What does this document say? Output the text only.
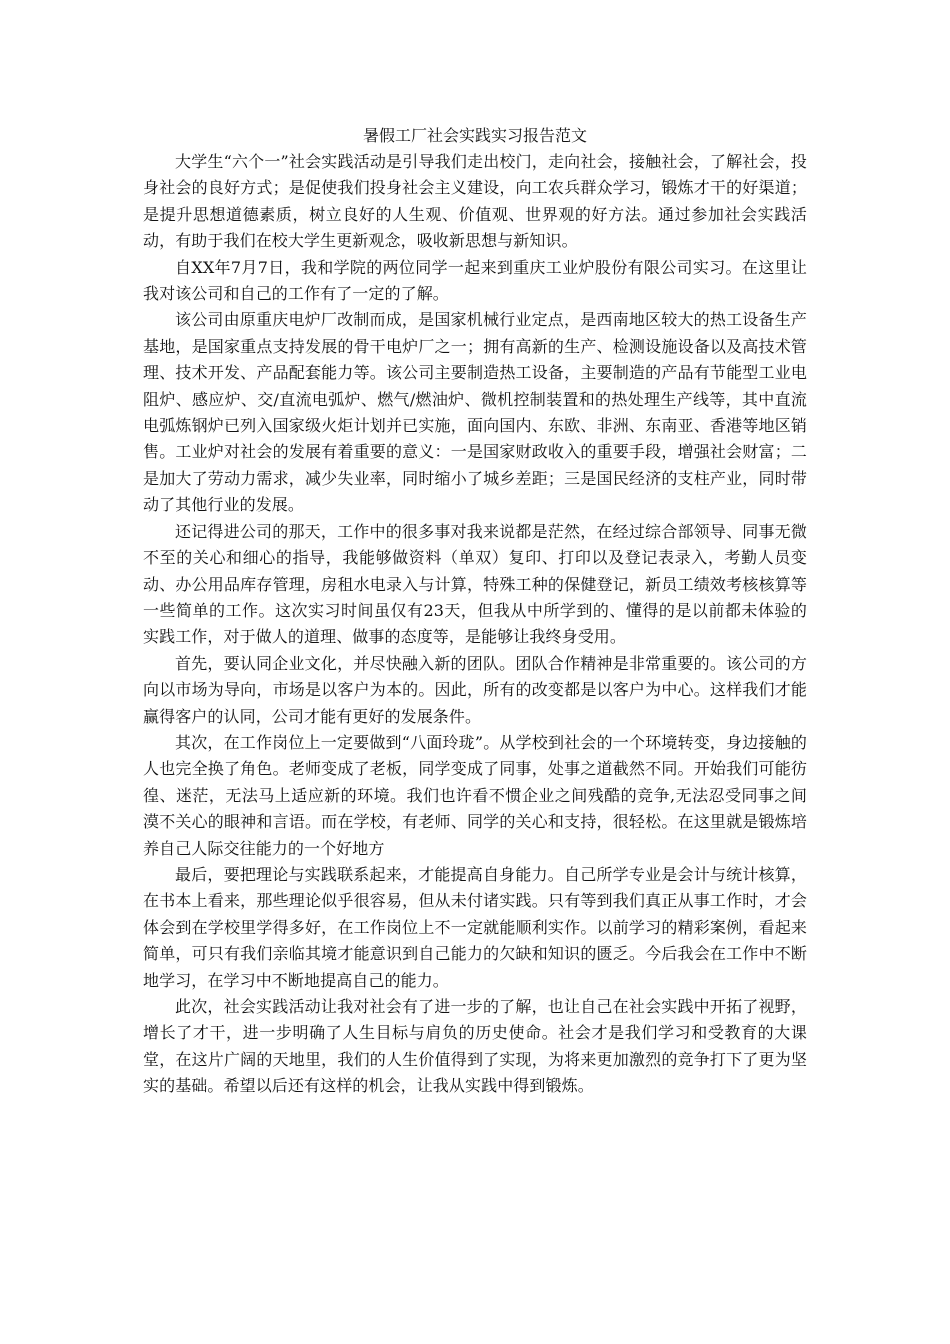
暑假工厂社会实践实习报告范文

大学生“六个一”社会实践活动是引导我们走出校门，走向社会，接触社会，了解社会，投身社会的良好方式；是促使我们投身社会主义建设，向工农兵群众学习，锻炼才干的好渠道；是提升思想道德素质，树立良好的人生观、价值观、世界观的好方法。通过参加社会实践活动，有助于我们在校大学生更新观念，吸收新思想与新知识。

自XX年7月7日，我和学院的两位同学一起来到重庆工业炉股份有限公司实习。在这里让我对该公司和自己的工作有了一定的了解。

该公司由原重庆电炉厂改制而成，是国家机械行业定点，是西南地区较大的热工设备生产基地，是国家重点支持发展的骨干电炉厂之一；拥有高新的生产、检测设施设备以及高技术管理、技术开发、产品配套能力等。该公司主要制造热工设备，主要制造的产品有节能型工业电阻炉、感应炉、交/直流电弧炉、燃气/燃油炉、微机控制装置和的热处理生产线等，其中直流电弧炼钢炉已列入国家级火炬计划并已实施，面向国内、东欧、非洲、东南亚、香港等地区销售。工业炉对社会的发展有着重要的意义：一是国家财政收入的重要手段，增强社会财富；二是加大了劳动力需求，减少失业率，同时缩小了城乡差距；三是国民经济的支柱产业，同时带动了其他行业的发展。

还记得进公司的那天，工作中的很多事对我来说都是茫然，在经过综合部领导、同事无微不至的关心和细心的指导，我能够做资料（单双）复印、打印以及登记表录入，考勤人员变动、办公用品库存管理，房租水电录入与计算，特殊工种的保健登记，新员工绩效考核核算等一些简单的工作。这次实习时间虽仅有23天，但我从中所学到的、懂得的是以前都未体验的实践工作，对于做人的道理、做事的态度等，是能够让我终身受用。

首先，要认同企业文化，并尽快融入新的团队。团队合作精神是非常重要的。该公司的方向以市场为导向，市场是以客户为本的。因此，所有的改变都是以客户为中心。这样我们才能赢得客户的认同，公司才能有更好的发展条件。

其次，在工作岗位上一定要做到“八面玲珑”。从学校到社会的一个环境转变，身边接触的人也完全换了角色。老师变成了老板，同学变成了同事，处事之道截然不同。开始我们可能彷徨、迷茫，无法马上适应新的环境。我们也许看不惯企业之间残酷的竞争,无法忍受同事之间漠不关心的眼神和言语。而在学校，有老师、同学的关心和支持，很轻松。在这里就是锻炼培养自己人际交往能力的一个好地方

最后，要把理论与实践联系起来，才能提高自身能力。自己所学专业是会计与统计核算，在书本上看来，那些理论似乎很容易，但从未付诸实践。只有等到我们真正从事工作时，才会体会到在学校里学得多好，在工作岗位上不一定就能顺利实作。以前学习的精彩案例，看起来简单，可只有我们亲临其境才能意识到自己能力的欠缺和知识的匮乏。今后我会在工作中不断地学习，在学习中不断地提高自己的能力。

此次，社会实践活动让我对社会有了进一步的了解，也让自己在社会实践中开拓了视野，增长了才干，进一步明确了人生目标与肩负的历史使命。社会才是我们学习和受教育的大课堂，在这片广阔的天地里，我们的人生价值得到了实现，为将来更加激烈的竞争打下了更为坚实的基础。希望以后还有这样的机会，让我从实践中得到锻炼。
